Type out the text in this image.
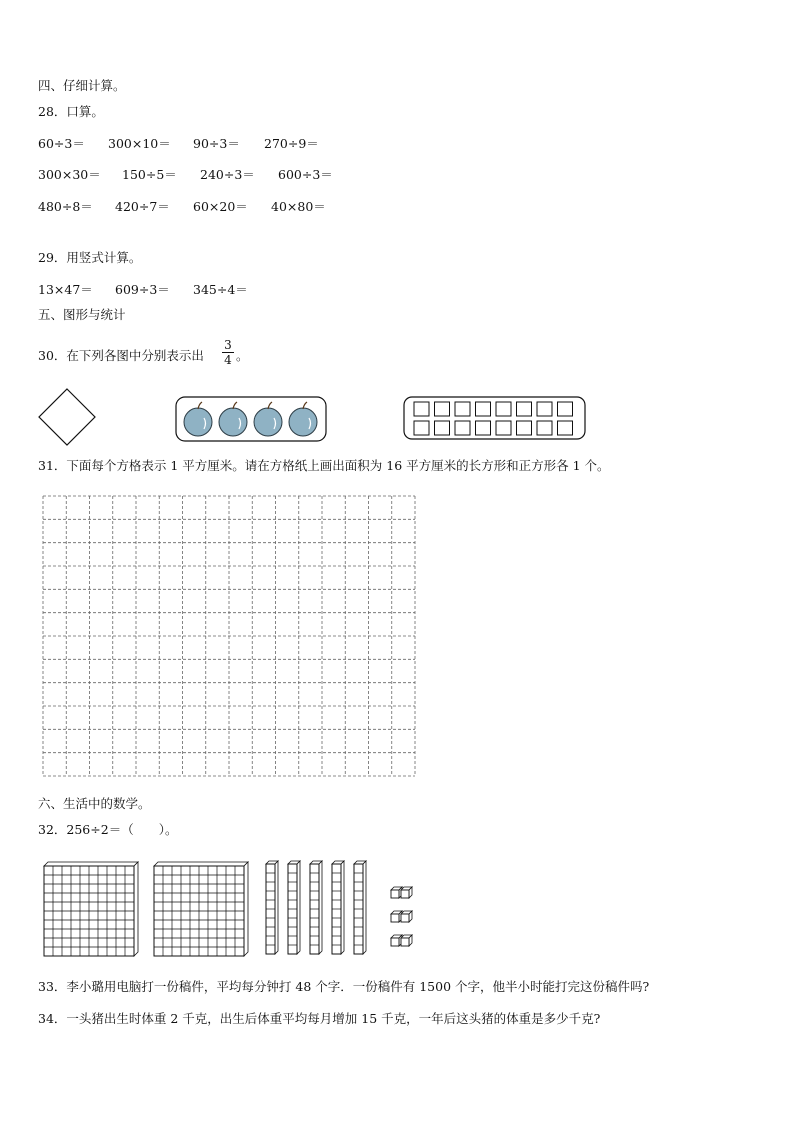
四、仔细计算。
28．口算。
60÷3＝ 300×10＝ 90÷3＝ 270÷9＝
300×30＝ 150÷5＝ 240÷3＝ 600÷3＝
480÷8＝ 420÷7＝ 60×20＝ 40×80＝
29．用竖式计算。
13×47＝ 609÷3＝ 345÷4＝
五、图形与统计
30．在下列各图中分别表示出
3
4 。
31．下面每个方格表示 1 平方厘米。请在方格纸上画出面积为 16 平方厘米的长方形和正方形各 1 个。
六、生活中的数学。
32．256÷2＝（　　）。
33．李小璐用电脑打一份稿件，平均每分钟打 48 个字．一份稿件有 1500 个字，他半小时能打完这份稿件吗?
34．一头猪出生时体重 2 千克，出生后体重平均每月增加 15 千克，一年后这头猪的体重是多少千克?
